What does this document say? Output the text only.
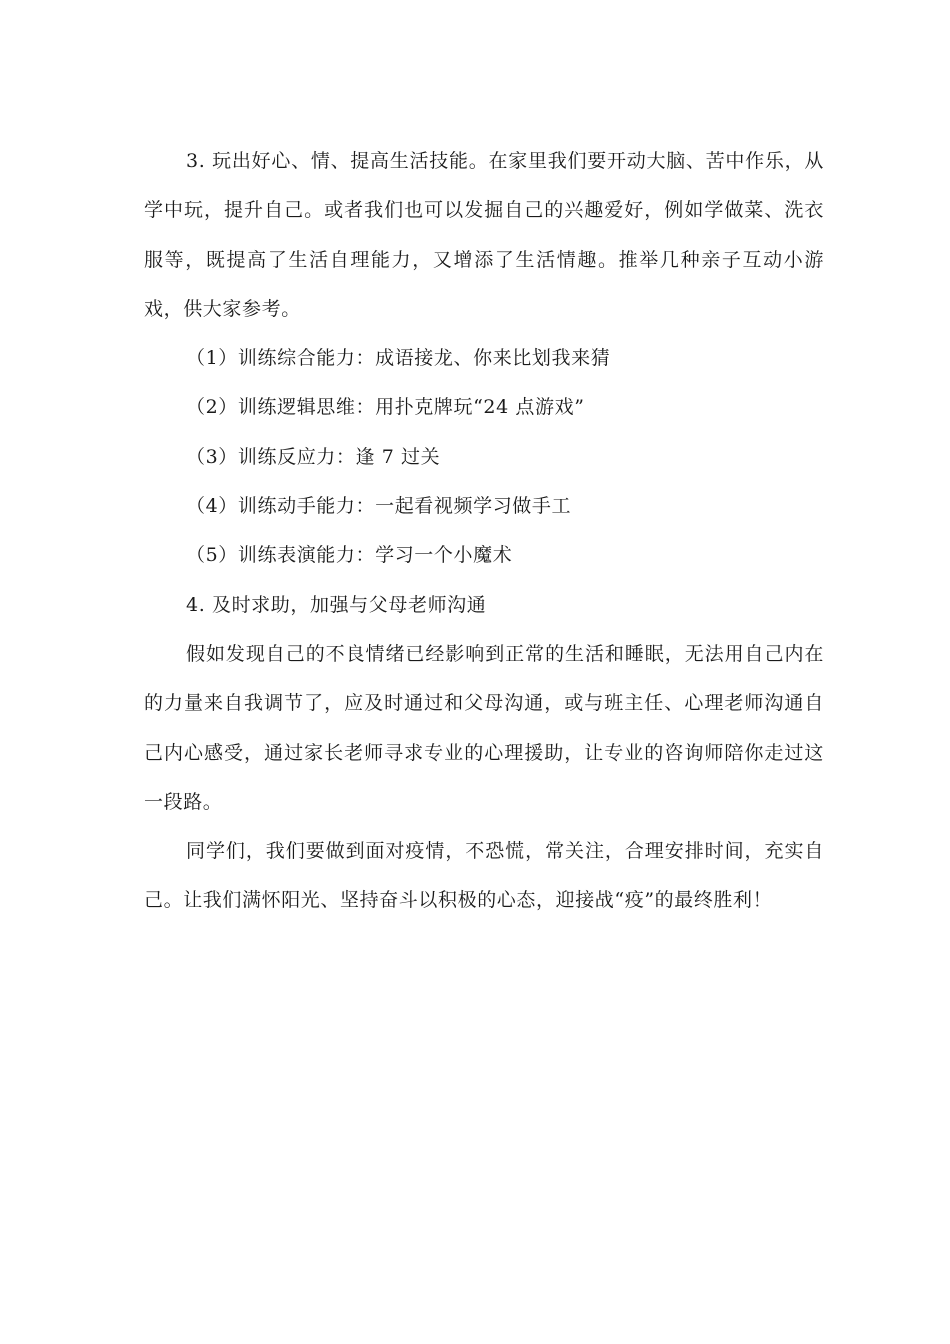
3. 玩出好心、情、提高生活技能。在家里我们要开动大脑、苦中作乐，从学中玩，提升自己。或者我们也可以发掘自己的兴趣爱好，例如学做菜、洗衣服等，既提高了生活自理能力，又增添了生活情趣。推举几种亲子互动小游戏，供大家参考。

（1）训练综合能力：成语接龙、你来比划我来猜

（2）训练逻辑思维：用扑克牌玩“24 点游戏”

（3）训练反应力：逢 7 过关

（4）训练动手能力：一起看视频学习做手工

（5）训练表演能力：学习一个小魔术

4. 及时求助，加强与父母老师沟通

假如发现自己的不良情绪已经影响到正常的生活和睡眠，无法用自己内在的力量来自我调节了，应及时通过和父母沟通，或与班主任、心理老师沟通自己内心感受，通过家长老师寻求专业的心理援助，让专业的咨询师陪你走过这一段路。

同学们，我们要做到面对疫情，不恐慌，常关注，合理安排时间，充实自己。让我们满怀阳光、坚持奋斗以积极的心态，迎接战“疫”的最终胜利！
